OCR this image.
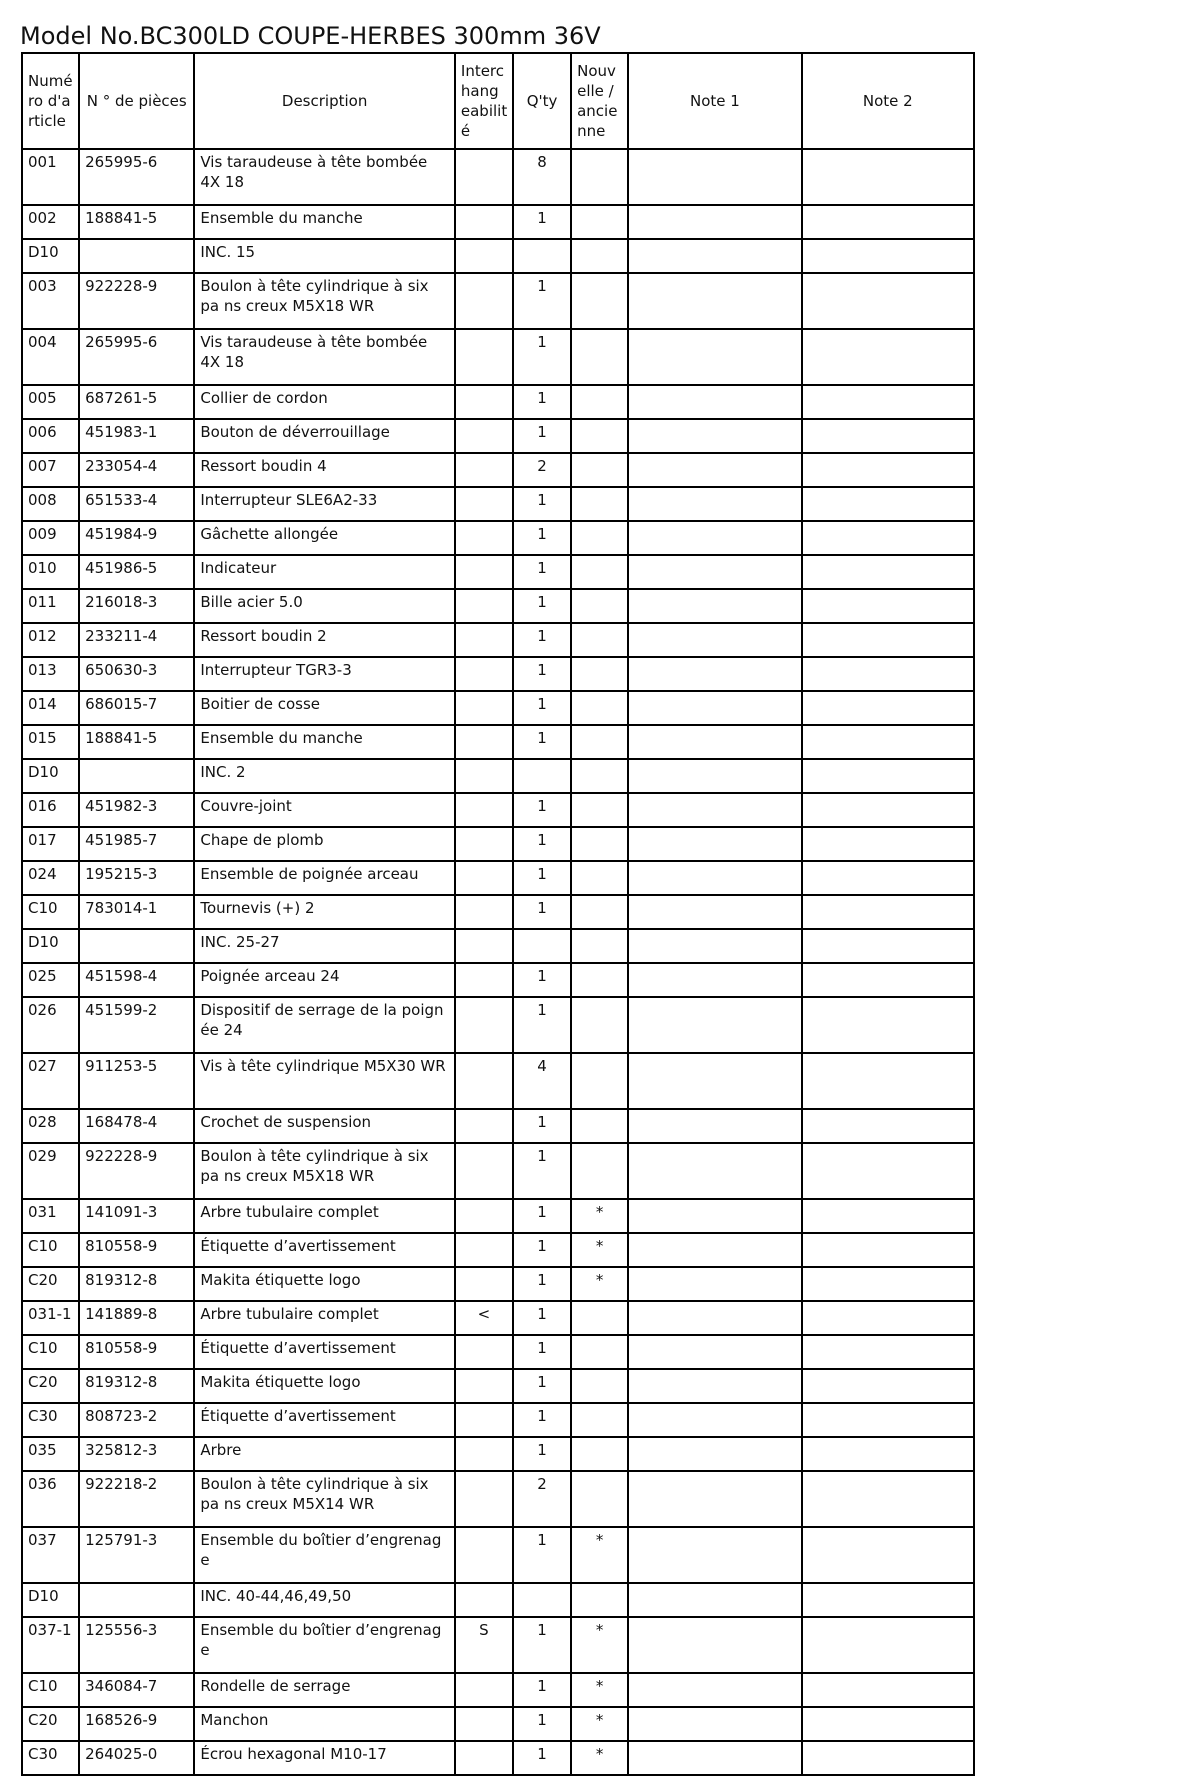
Model No.BC300LD COUPE-HERBES 300mm 36V
Numé ro d'a rticle	N ° de pièces	Description	Interc hang eabilit é	Q'ty	Nouv elle / ancie nne	Note 1	Note 2
001	265995-6	Vis taraudeuse à tête bombée 4X 18		8			
002	188841-5	Ensemble du manche		1			
D10		INC. 15					
003	922228-9	Boulon à tête cylindrique à six pa ns creux M5X18 WR		1			
004	265995-6	Vis taraudeuse à tête bombée 4X 18		1			
005	687261-5	Collier de cordon		1			
006	451983-1	Bouton de déverrouillage		1			
007	233054-4	Ressort boudin 4		2			
008	651533-4	Interrupteur SLE6A2-33		1			
009	451984-9	Gâchette allongée		1			
010	451986-5	Indicateur		1			
011	216018-3	Bille acier 5.0		1			
012	233211-4	Ressort boudin 2		1			
013	650630-3	Interrupteur TGR3-3		1			
014	686015-7	Boitier de cosse		1			
015	188841-5	Ensemble du manche		1			
D10		INC. 2					
016	451982-3	Couvre-joint		1			
017	451985-7	Chape de plomb		1			
024	195215-3	Ensemble de poignée arceau		1			
C10	783014-1	Tournevis (+) 2		1			
D10		INC. 25-27					
025	451598-4	Poignée arceau 24		1			
026	451599-2	Dispositif de serrage de la poign ée 24		1			
027	911253-5	Vis à tête cylindrique M5X30 WR		4			
028	168478-4	Crochet de suspension		1			
029	922228-9	Boulon à tête cylindrique à six pa ns creux M5X18 WR		1			
031	141091-3	Arbre tubulaire complet		1	*		
C10	810558-9	Étiquette d’avertissement		1	*		
C20	819312-8	Makita étiquette logo		1	*		
031-1	141889-8	Arbre tubulaire complet	<	1			
C10	810558-9	Étiquette d’avertissement		1			
C20	819312-8	Makita étiquette logo		1			
C30	808723-2	Étiquette d’avertissement		1			
035	325812-3	Arbre		1			
036	922218-2	Boulon à tête cylindrique à six pa ns creux M5X14 WR		2			
037	125791-3	Ensemble du boîtier d’engrenag e		1	*		
D10		INC. 40-44,46,49,50					
037-1	125556-3	Ensemble du boîtier d’engrenag e	S	1	*		
C10	346084-7	Rondelle de serrage		1	*		
C20	168526-9	Manchon		1	*		
C30	264025-0	Écrou hexagonal M10-17		1	*		
